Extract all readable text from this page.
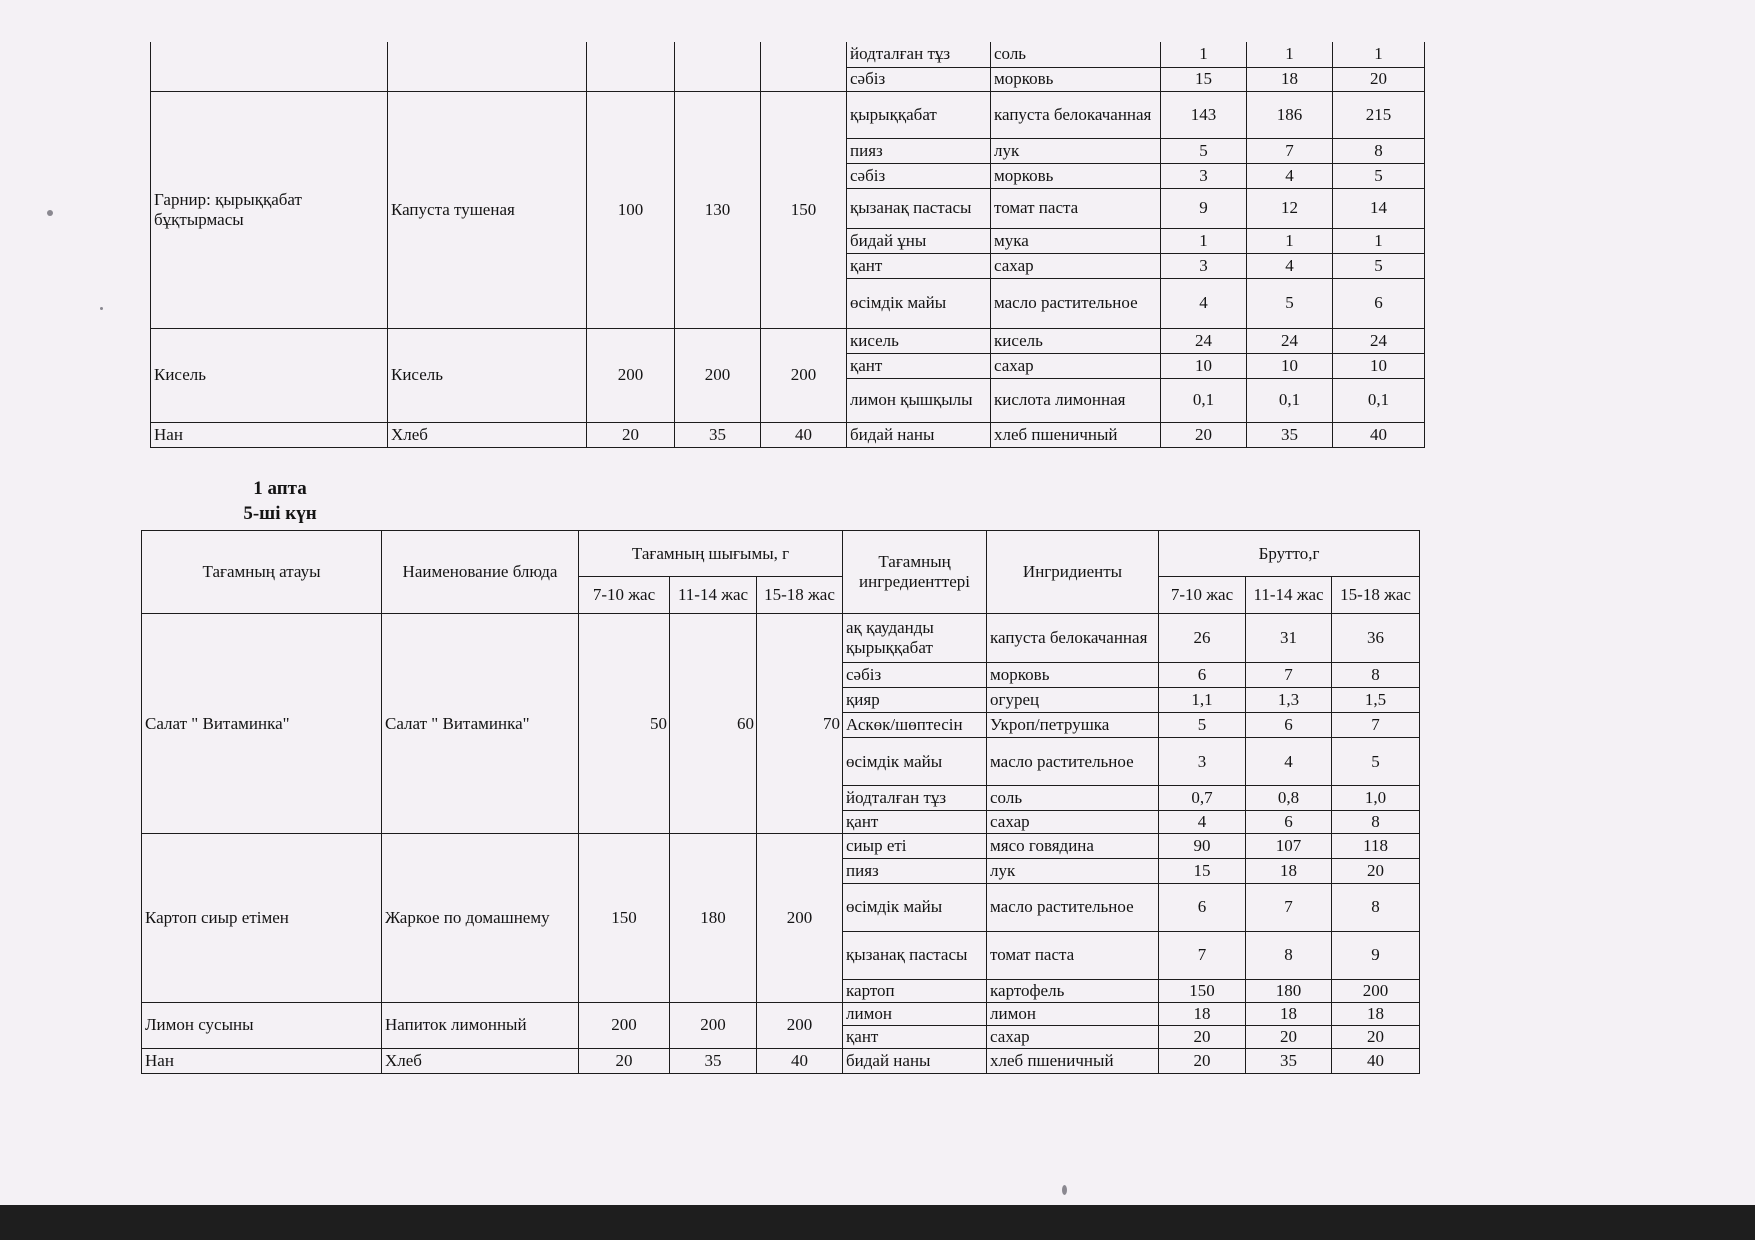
					йодталған тұз	соль	1	1	1
					сәбіз	морковь	15	18	20
Гарнир: қырыққабат бұқтырмасы	Капуста тушеная	100	130	150	қырыққабат	капуста белокачанная	143	186	215
					пияз	лук	5	7	8
					сәбіз	морковь	3	4	5
					қызанақ пастасы	томат паста	9	12	14
					бидай ұны	мука	1	1	1
					қант	сахар	3	4	5
					өсімдік майы	масло растительное	4	5	6
Кисель	Кисель	200	200	200	кисель	кисель	24	24	24
					қант	сахар	10	10	10
					лимон қышқылы	кислота лимонная	0,1	0,1	0,1
Нан	Хлеб	20	35	40	бидай наны	хлеб пшеничный	20	35	40
1 апта
5-ші күн
Тағамның атауы	Наименование блюда	Тағамның шығымы, г			Тағамның ингредиенттері	Ингридиенты	Брутто,г		
		7-10 жас	11-14 жас	15-18 жас			7-10 жас	11-14 жас	15-18 жас
Салат " Витаминка"	Салат " Витаминка"	50	60	70	ақ қауданды қырыққабат	капуста белокачанная	26	31	36
					сәбіз	морковь	6	7	8
					қияр	огурец	1,1	1,3	1,5
					Аскөк/шөптесін	Укроп/петрушка	5	6	7
					өсімдік майы	масло растительное	3	4	5
					йодталған тұз	соль	0,7	0,8	1,0
					қант	сахар	4	6	8
Картоп сиыр етімен	Жаркое по домашнему	150	180	200	сиыр еті	мясо говядина	90	107	118
					пияз	лук	15	18	20
					өсімдік майы	масло растительное	6	7	8
					қызанақ пастасы	томат паста	7	8	9
					картоп	картофель	150	180	200
Лимон сусыны	Напиток лимонный	200	200	200	лимон	лимон	18	18	18
					қант	сахар	20	20	20
Нан	Хлеб	20	35	40	бидай наны	хлеб пшеничный	20	35	40
